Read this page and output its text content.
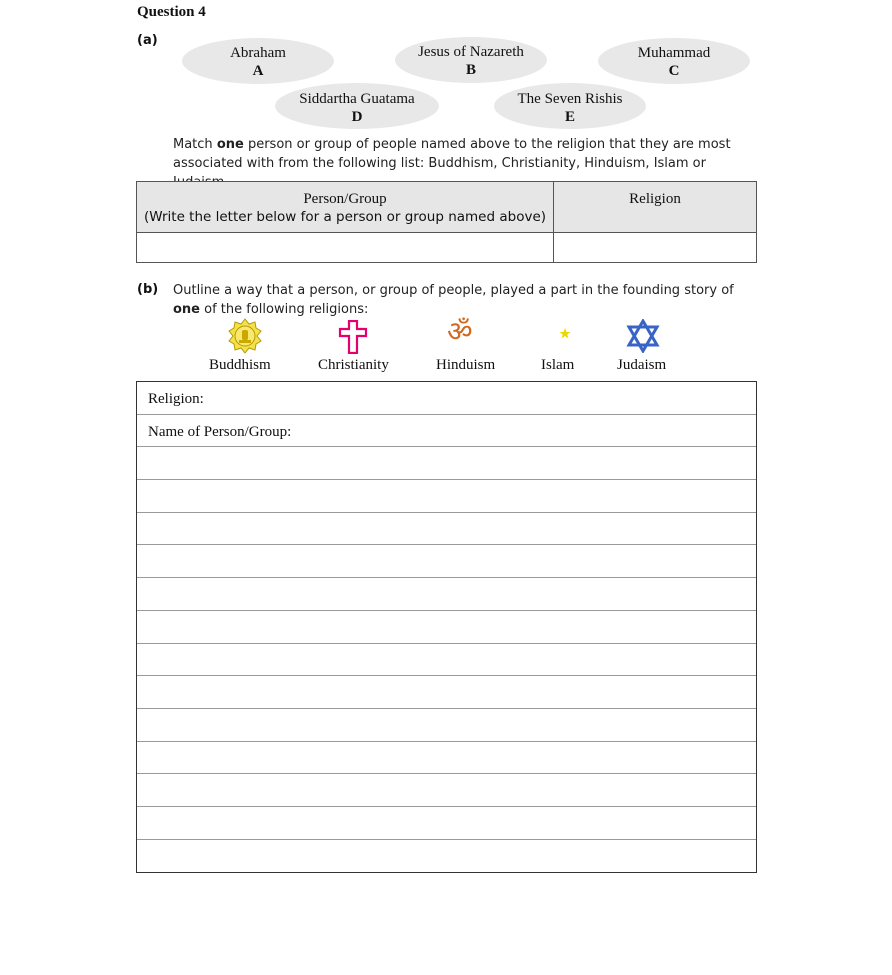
Question 4
(a)
Abraham
A
Jesus of Nazareth
B
Muhammad
C
Siddartha Guatama
D
The Seven Rishis
E
Match one person or group of people named above to the religion that they are most associated with from the following list: Buddhism, Christianity, Hinduism, Islam or
Person/Group
(Write the letter below for a person or group named above)	Religion

(b) Outline a way that a person, or group of people, played a part in the founding story of one of the following religions:
ॐ
Buddhism	Christianity	Hinduism	Islam	Judaism
Religion:
Name of Person/Group:
